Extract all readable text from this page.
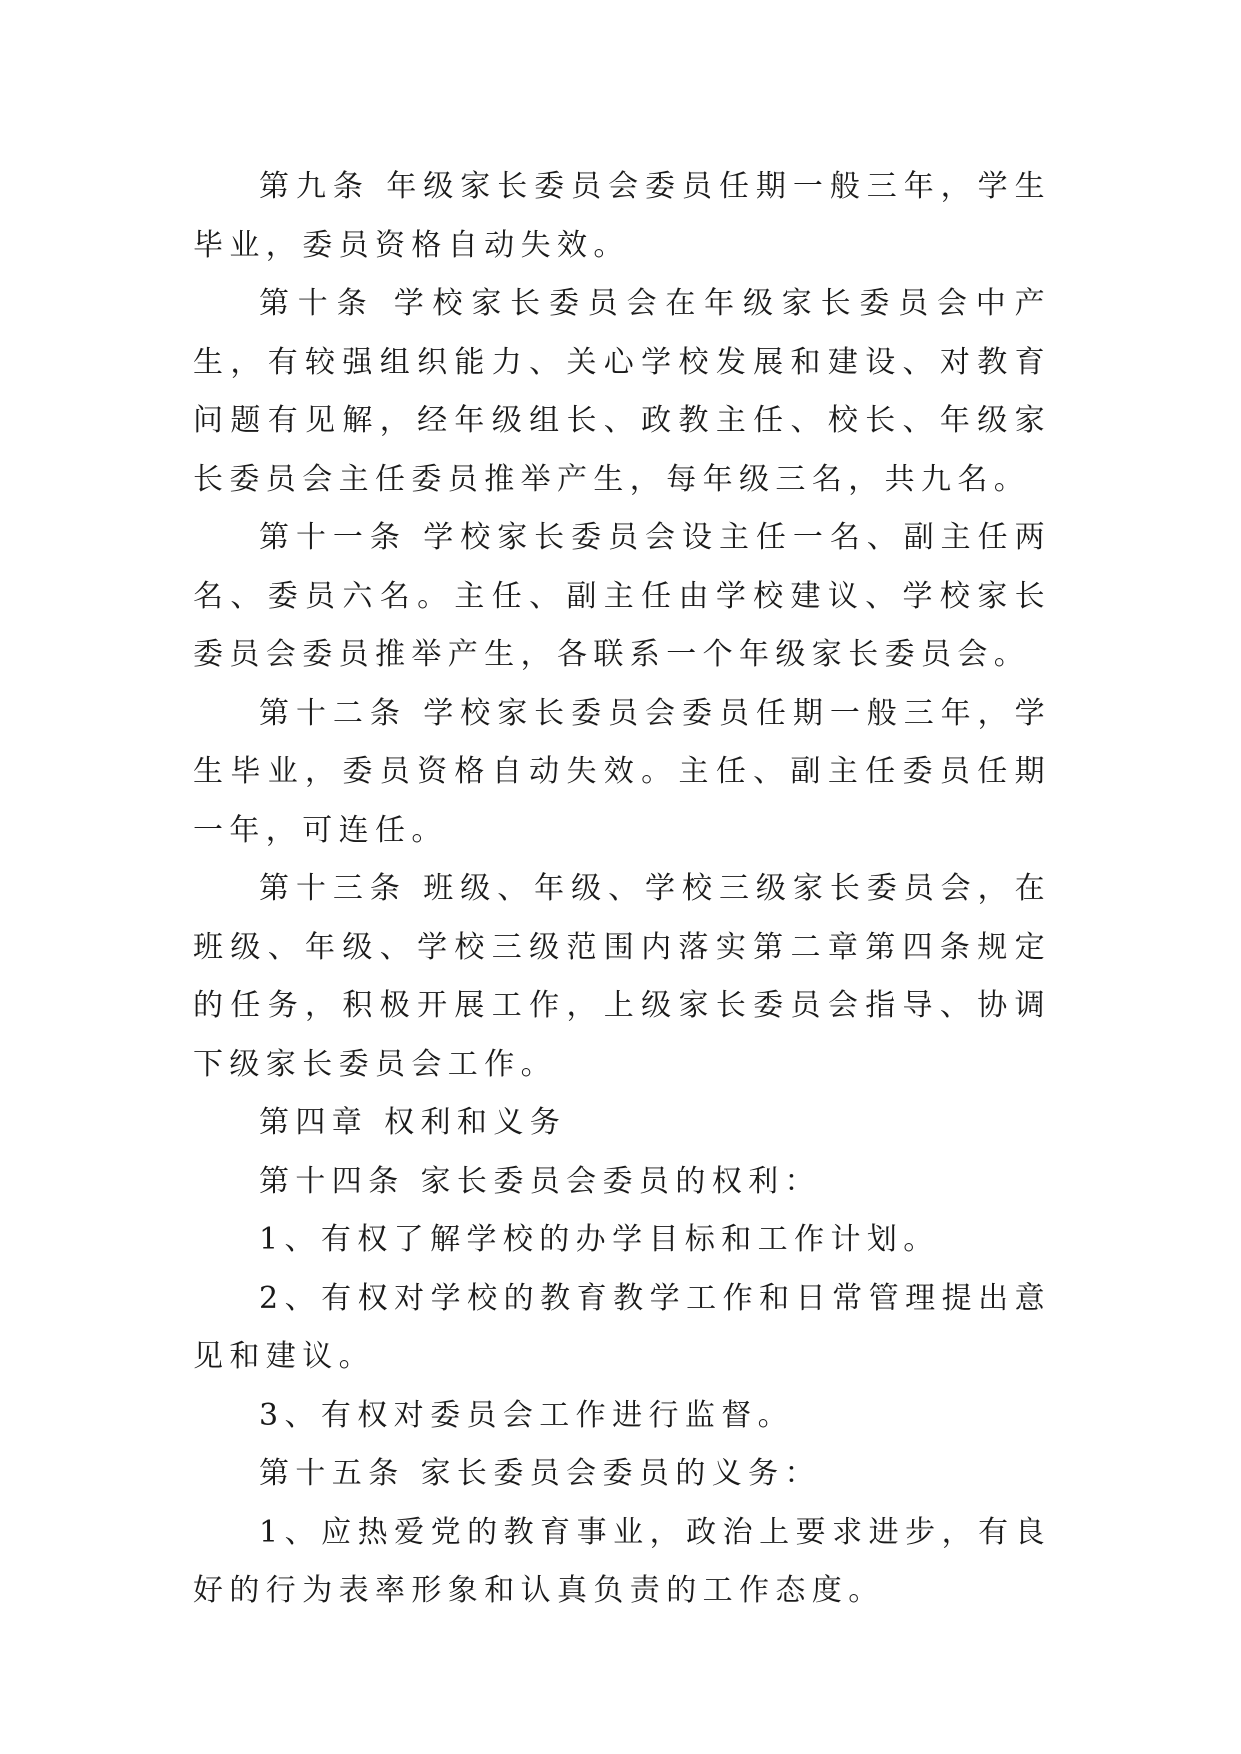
第九条 年级家长委员会委员任期一般三年，学生毕业，委员资格自动失效。

第十条 学校家长委员会在年级家长委员会中产生，有较强组织能力、关心学校发展和建设、对教育问题有见解，经年级组长、政教主任、校长、年级家长委员会主任委员推举产生，每年级三名，共九名。

第十一条 学校家长委员会设主任一名、副主任两名、委员六名。主任、副主任由学校建议、学校家长委员会委员推举产生，各联系一个年级家长委员会。

第十二条 学校家长委员会委员任期一般三年，学生毕业，委员资格自动失效。主任、副主任委员任期一年，可连任。

第十三条 班级、年级、学校三级家长委员会，在班级、年级、学校三级范围内落实第二章第四条规定的任务，积极开展工作，上级家长委员会指导、协调下级家长委员会工作。

第四章 权利和义务

第十四条 家长委员会委员的权利：

1、有权了解学校的办学目标和工作计划。

2、有权对学校的教育教学工作和日常管理提出意见和建议。

3、有权对委员会工作进行监督。

第十五条 家长委员会委员的义务：

1、应热爱党的教育事业，政治上要求进步，有良好的行为表率形象和认真负责的工作态度。
